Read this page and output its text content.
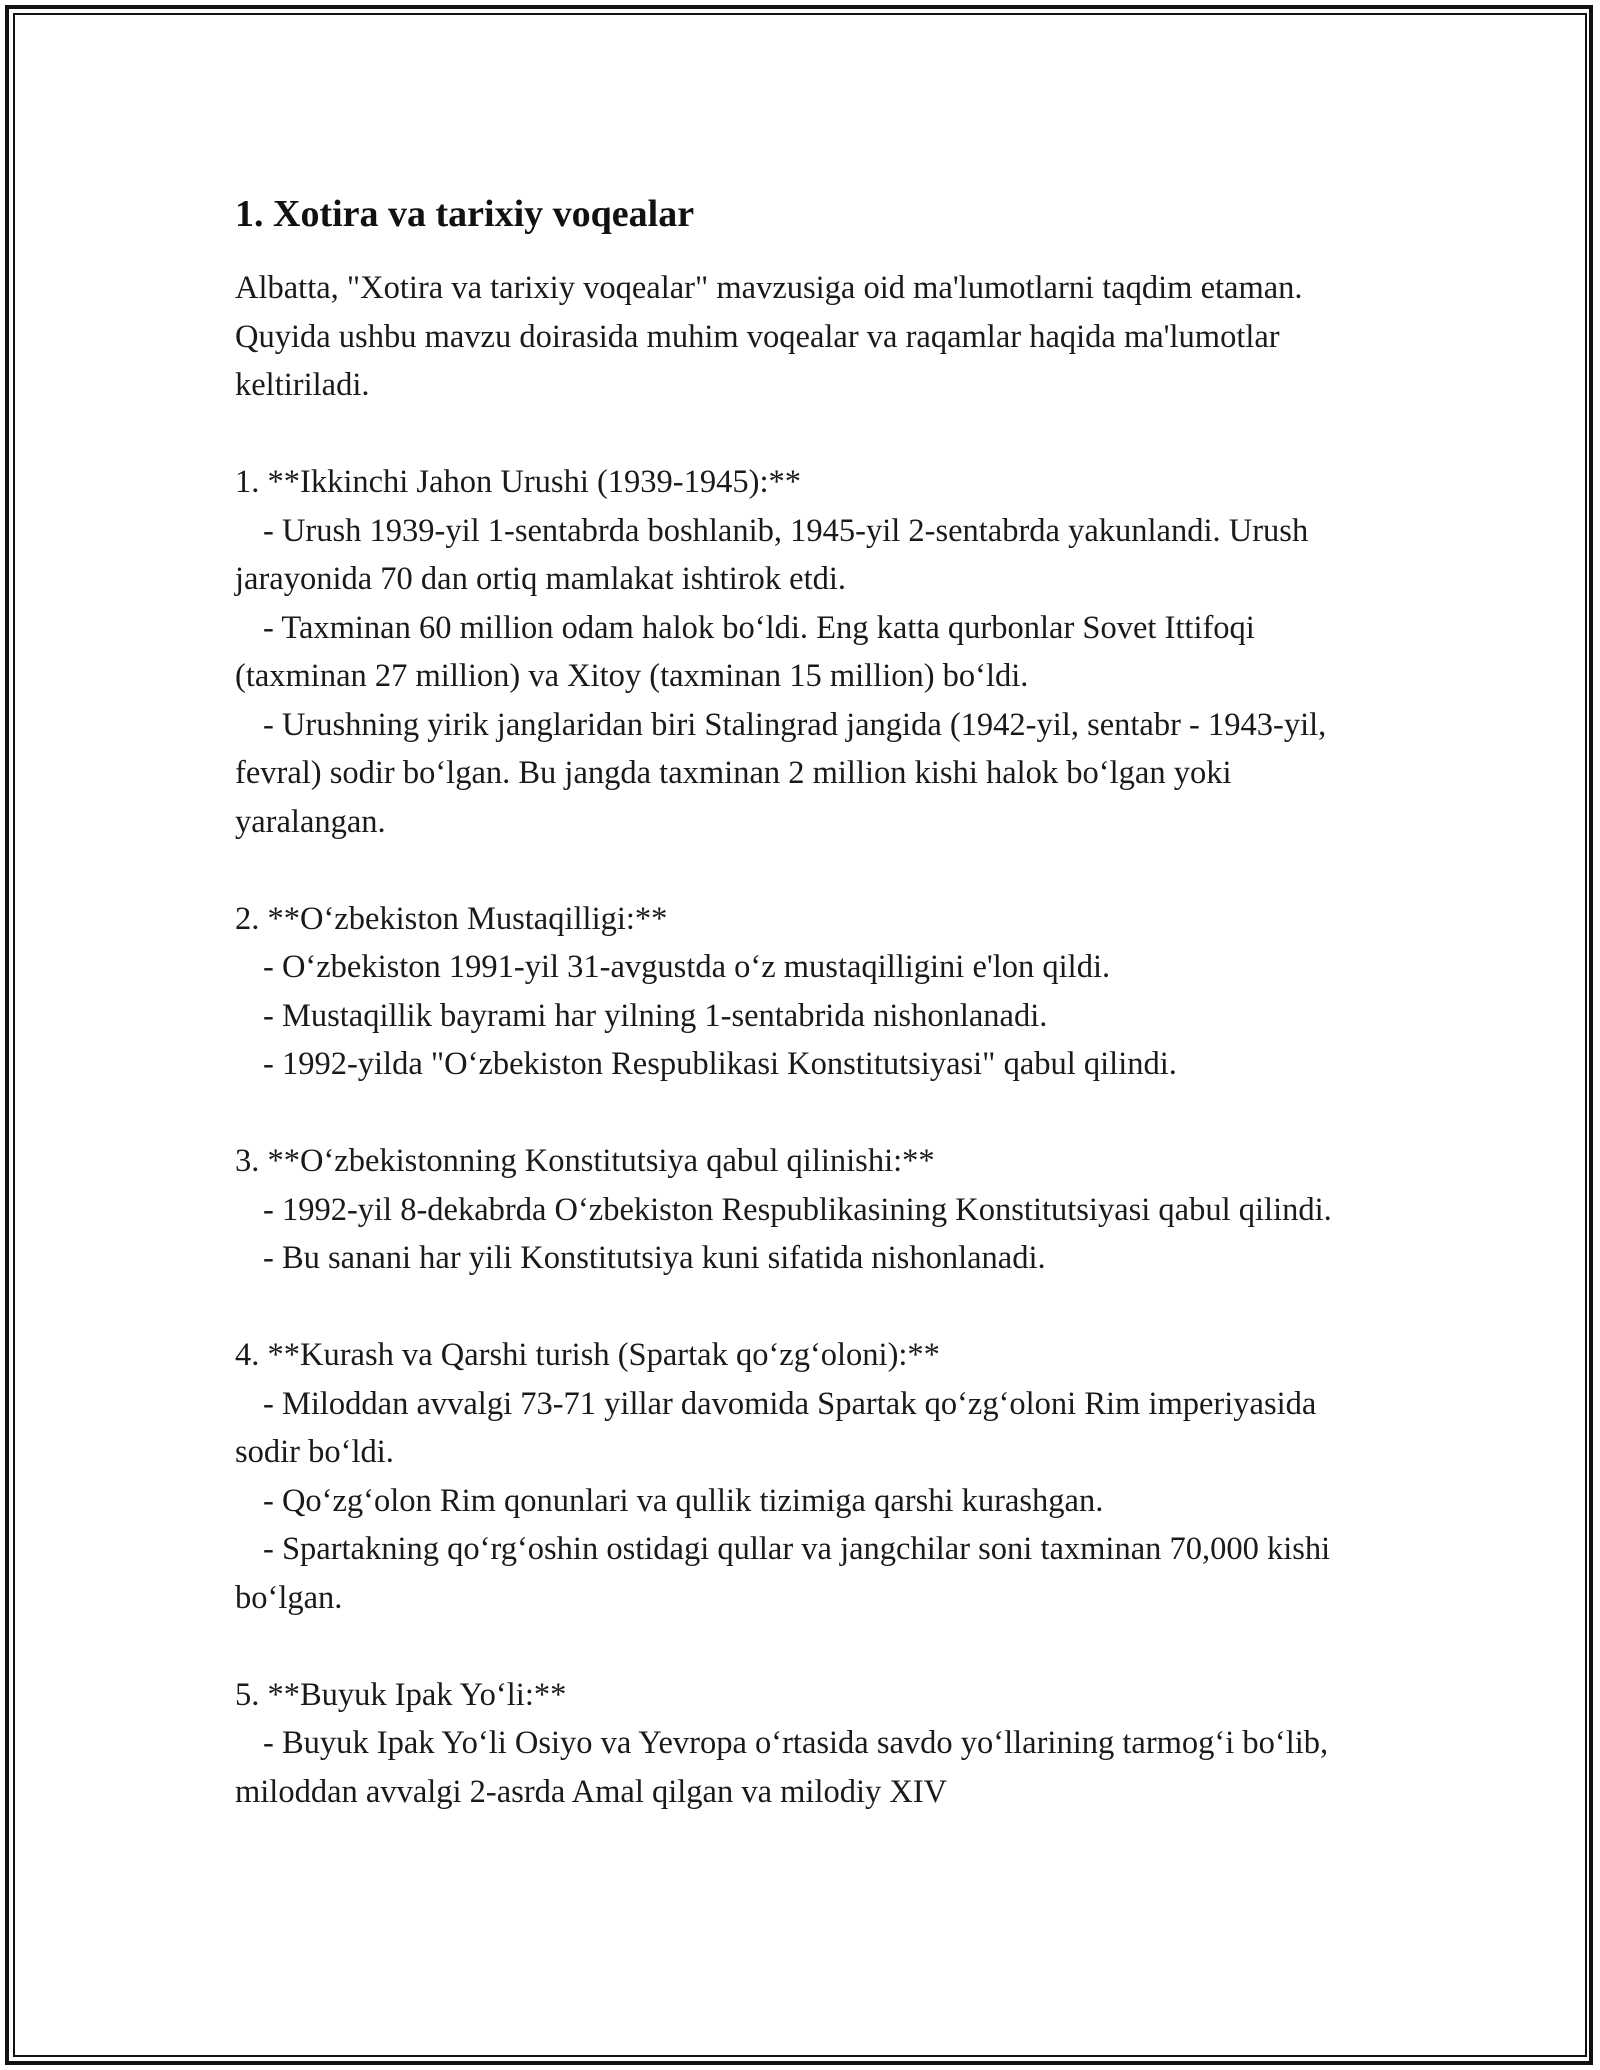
1. Xotira va tarixiy voqealar

Albatta, "Xotira va tarixiy voqealar" mavzusiga oid ma'lumotlarni taqdim etaman. Quyida ushbu mavzu doirasida muhim voqealar va raqamlar haqida ma'lumotlar keltiriladi.

1. **Ikkinchi Jahon Urushi (1939-1945):**

- Urush 1939-yil 1-sentabrda boshlanib, 1945-yil 2-sentabrda yakunlandi. Urush jarayonida 70 dan ortiq mamlakat ishtirok etdi.

- Taxminan 60 million odam halok bo‘ldi. Eng katta qurbonlar Sovet Ittifoqi (taxminan 27 million) va Xitoy (taxminan 15 million) bo‘ldi.

- Urushning yirik janglaridan biri Stalingrad jangida (1942-yil, sentabr - 1943-yil, fevral) sodir bo‘lgan. Bu jangda taxminan 2 million kishi halok bo‘lgan yoki yaralangan.

2. **O‘zbekiston Mustaqilligi:**

- O‘zbekiston 1991-yil 31-avgustda o‘z mustaqilligini e'lon qildi.

- Mustaqillik bayrami har yilning 1-sentabrida nishonlanadi.

- 1992-yilda "O‘zbekiston Respublikasi Konstitutsiyasi" qabul qilindi.

3. **O‘zbekistonning Konstitutsiya qabul qilinishi:**

- 1992-yil 8-dekabrda O‘zbekiston Respublikasining Konstitutsiyasi qabul qilindi.

- Bu sanani har yili Konstitutsiya kuni sifatida nishonlanadi.

4. **Kurash va Qarshi turish (Spartak qo‘zg‘oloni):**

- Miloddan avvalgi 73-71 yillar davomida Spartak qo‘zg‘oloni Rim imperiyasida sodir bo‘ldi.

- Qo‘zg‘olon Rim qonunlari va qullik tizimiga qarshi kurashgan.

- Spartakning qo‘rg‘oshin ostidagi qullar va jangchilar soni taxminan 70,000 kishi bo‘lgan.

5. **Buyuk Ipak Yo‘li:**

- Buyuk Ipak Yo‘li Osiyo va Yevropa o‘rtasida savdo yo‘llarining tarmog‘i bo‘lib, miloddan avvalgi 2-asrda Amal qilgan va milodiy XIV
